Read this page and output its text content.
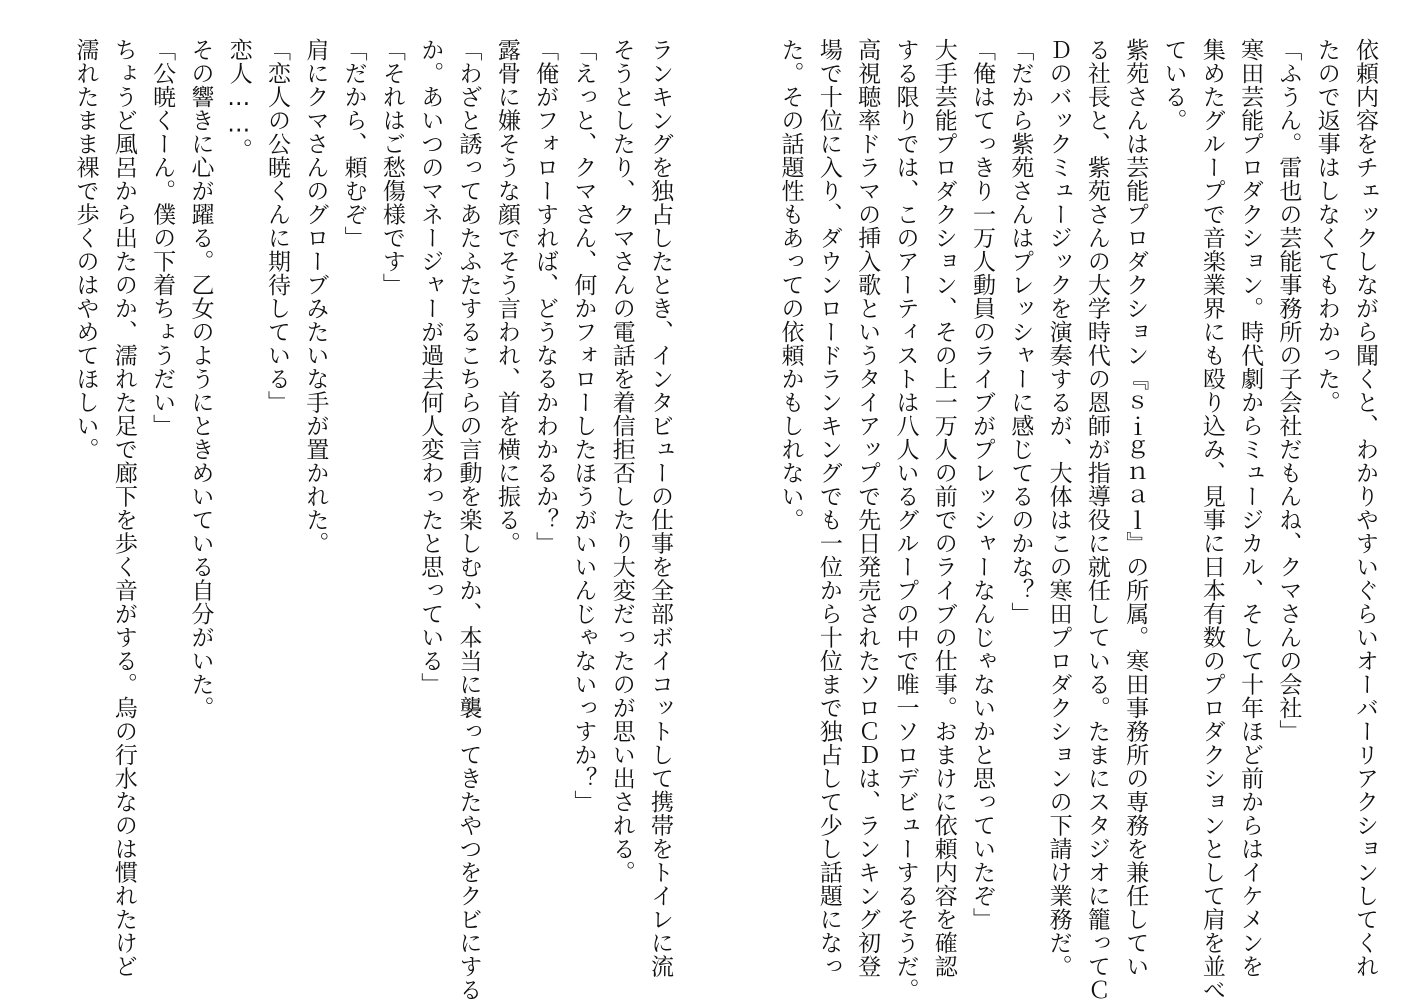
依頼内容をチェックしながら聞くと、わかりやすいぐらいオーバーリアクションしてくれ
たので返事はしなくてもわかった。
「ふうん。雷也の芸能事務所の子会社だもんね、クマさんの会社」
寒田芸能プロダクション。時代劇からミュージカル、そして十年ほど前からはイケメンを
集めたグループで音楽業界にも殴り込み、見事に日本有数のプロダクションとして肩を並べ
ている。
紫苑さんは芸能プロダクション『ｓｉｇｎａｌ』の所属。寒田事務所の専務を兼任してい
る社長と、紫苑さんの大学時代の恩師が指導役に就任している。たまにスタジオに籠ってＣ
Ｄのバックミュージックを演奏するが、大体はこの寒田プロダクションの下請け業務だ。
「だから紫苑さんはプレッシャーに感じてるのかな？」
「俺はてっきり一万人動員のライブがプレッシャーなんじゃないかと思っていたぞ」
大手芸能プロダクション、その上一万人の前でのライブの仕事。おまけに依頼内容を確認
する限りでは、このアーティストは八人いるグループの中で唯一ソロデビューするそうだ。
高視聴率ドラマの挿入歌というタイアップで先日発売されたソロＣＤは、ランキング初登
場で十位に入り、ダウンロードランキングでも一位から十位まで独占して少し話題になっ
た。その話題性もあっての依頼かもしれない。
ランキングを独占したとき、インタビューの仕事を全部ボイコットして携帯をトイレに流
そうとしたり、クマさんの電話を着信拒否したり大変だったのが思い出される。
「えっと、クマさん、何かフォローしたほうがいいんじゃないっすか？」
「俺がフォローすれば、どうなるかわかるか？」
露骨に嫌そうな顔でそう言われ、首を横に振る。
「わざと誘ってあたふたするこちらの言動を楽しむか、本当に襲ってきたやつをクビにする
か。あいつのマネージャーが過去何人変わったと思っている」
「それはご愁傷様です」
「だから、頼むぞ」
肩にクマさんのグローブみたいな手が置かれた。
「恋人の公暁くんに期待している」
恋人……。
その響きに心が躍る。乙女のようにときめいている自分がいた。
「公暁くーん。僕の下着ちょうだい」
ちょうど風呂から出たのか、濡れた足で廊下を歩く音がする。烏の行水なのは慣れたけど
濡れたまま裸で歩くのはやめてほしい。
